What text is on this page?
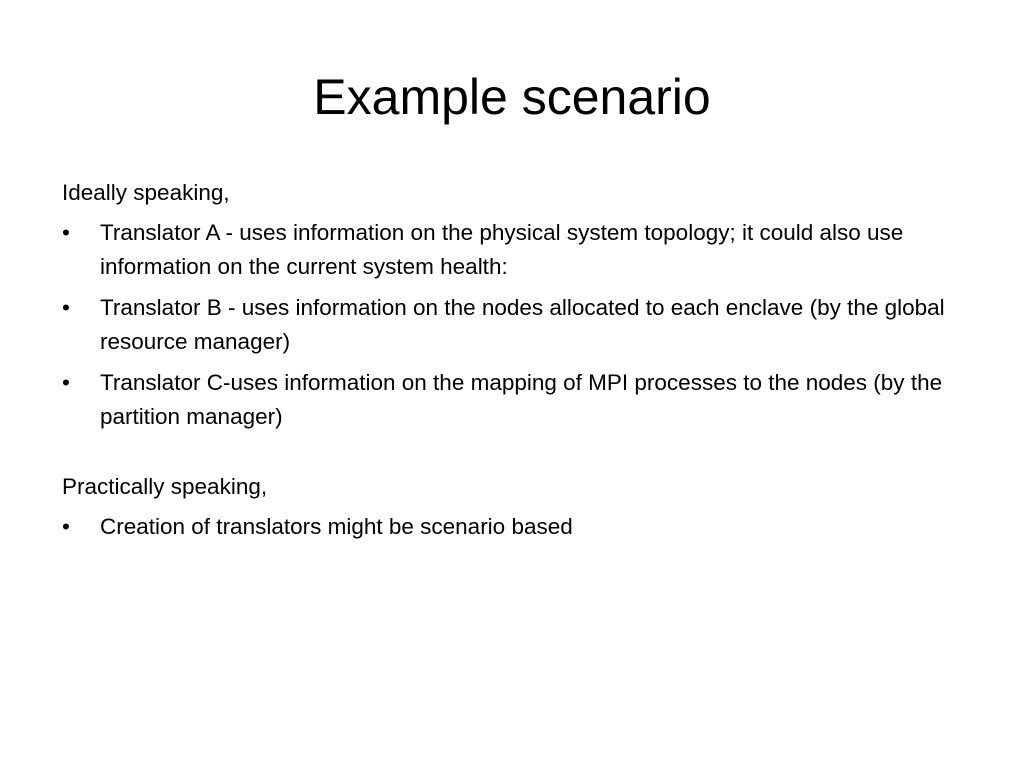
Example scenario

Ideally speaking,

•	Translator A - uses information on the physical system topology; it could also use information on the current system health:
•	Translator B - uses information on the nodes allocated to each enclave (by the global resource manager)
•	Translator C-uses information on the mapping of MPI processes to the nodes (by the partition manager)

Practically speaking,

•	Creation of translators might be scenario based
